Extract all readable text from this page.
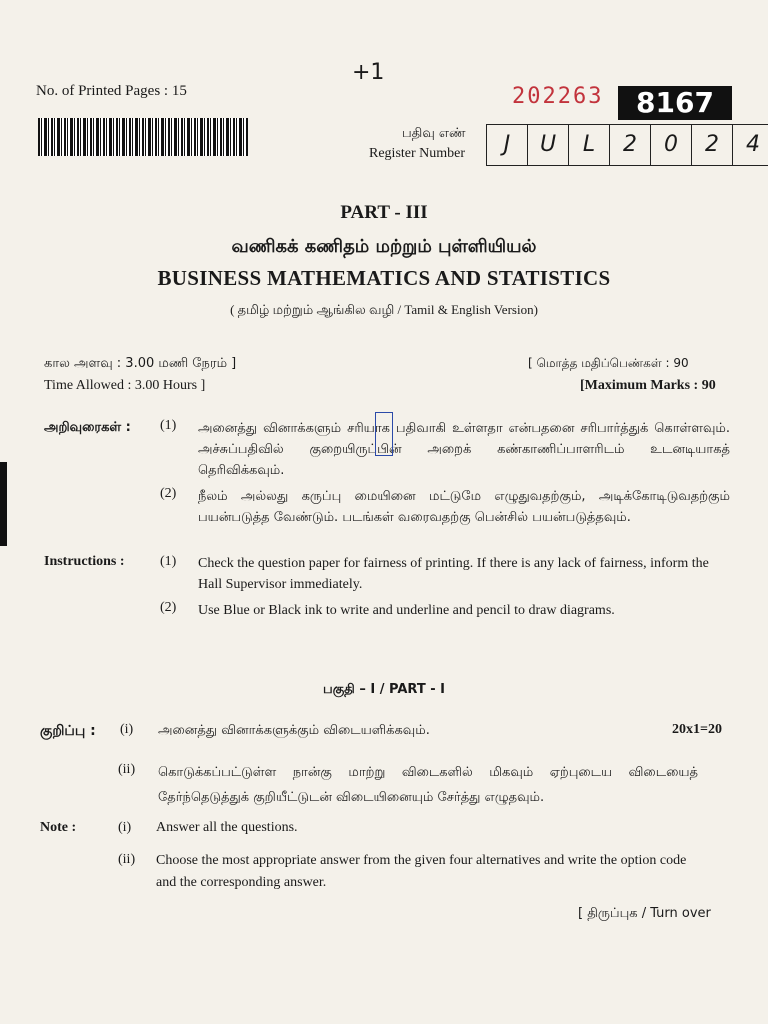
No. of Printed Pages : 15
+1
202263	8167
பதிவு எண்
Register Number	J	U	L	2	0	2	4
PART - III
வணிகக் கணிதம் மற்றும் புள்ளியியல்
BUSINESS MATHEMATICS AND STATISTICS
( தமிழ் மற்றும் ஆங்கில வழி / Tamil & English Version)
கால அளவு : 3.00 மணி நேரம் ]	[ மொத்த மதிப்பெண்கள் : 90
Time Allowed : 3.00 Hours ]	[Maximum Marks : 90
அறிவுரைகள் : (1) அனைத்து வினாக்களும் சரியாக பதிவாகி உள்ளதா என்பதனை சரிபார்த்துக் கொள்ளவும். அச்சுப்பதிவில் குறையிருப்பின் அறைக் கண்காணிப்பாளரிடம் உடனடியாகத் தெரிவிக்கவும்.
(2) நீலம் அல்லது கருப்பு மையினை மட்டுமே எழுதுவதற்கும், அடிக்கோடிடுவதற்கும் பயன்படுத்த வேண்டும். படங்கள் வரைவதற்கு பென்சில் பயன்படுத்தவும்.
Instructions :	(1) Check the question paper for fairness of printing. If there is any lack of fairness, inform the Hall Supervisor immediately.
(2) Use Blue or Black ink to write and underline and pencil to draw diagrams.
பகுதி – I / PART - I
குறிப்பு : (i) அனைத்து வினாக்களுக்கும் விடையளிக்கவும்.	20x1=20
(ii) கொடுக்கப்பட்டுள்ள நான்கு மாற்று விடைகளில் மிகவும் ஏற்புடைய விடையைத் தேர்ந்தெடுத்துக் குறியீட்டுடன் விடையினையும் சேர்த்து எழுதவும்.
Note :	(i) Answer all the questions.
(ii) Choose the most appropriate answer from the given four alternatives and write the option code and the corresponding answer.
[ திருப்புக / Turn over
